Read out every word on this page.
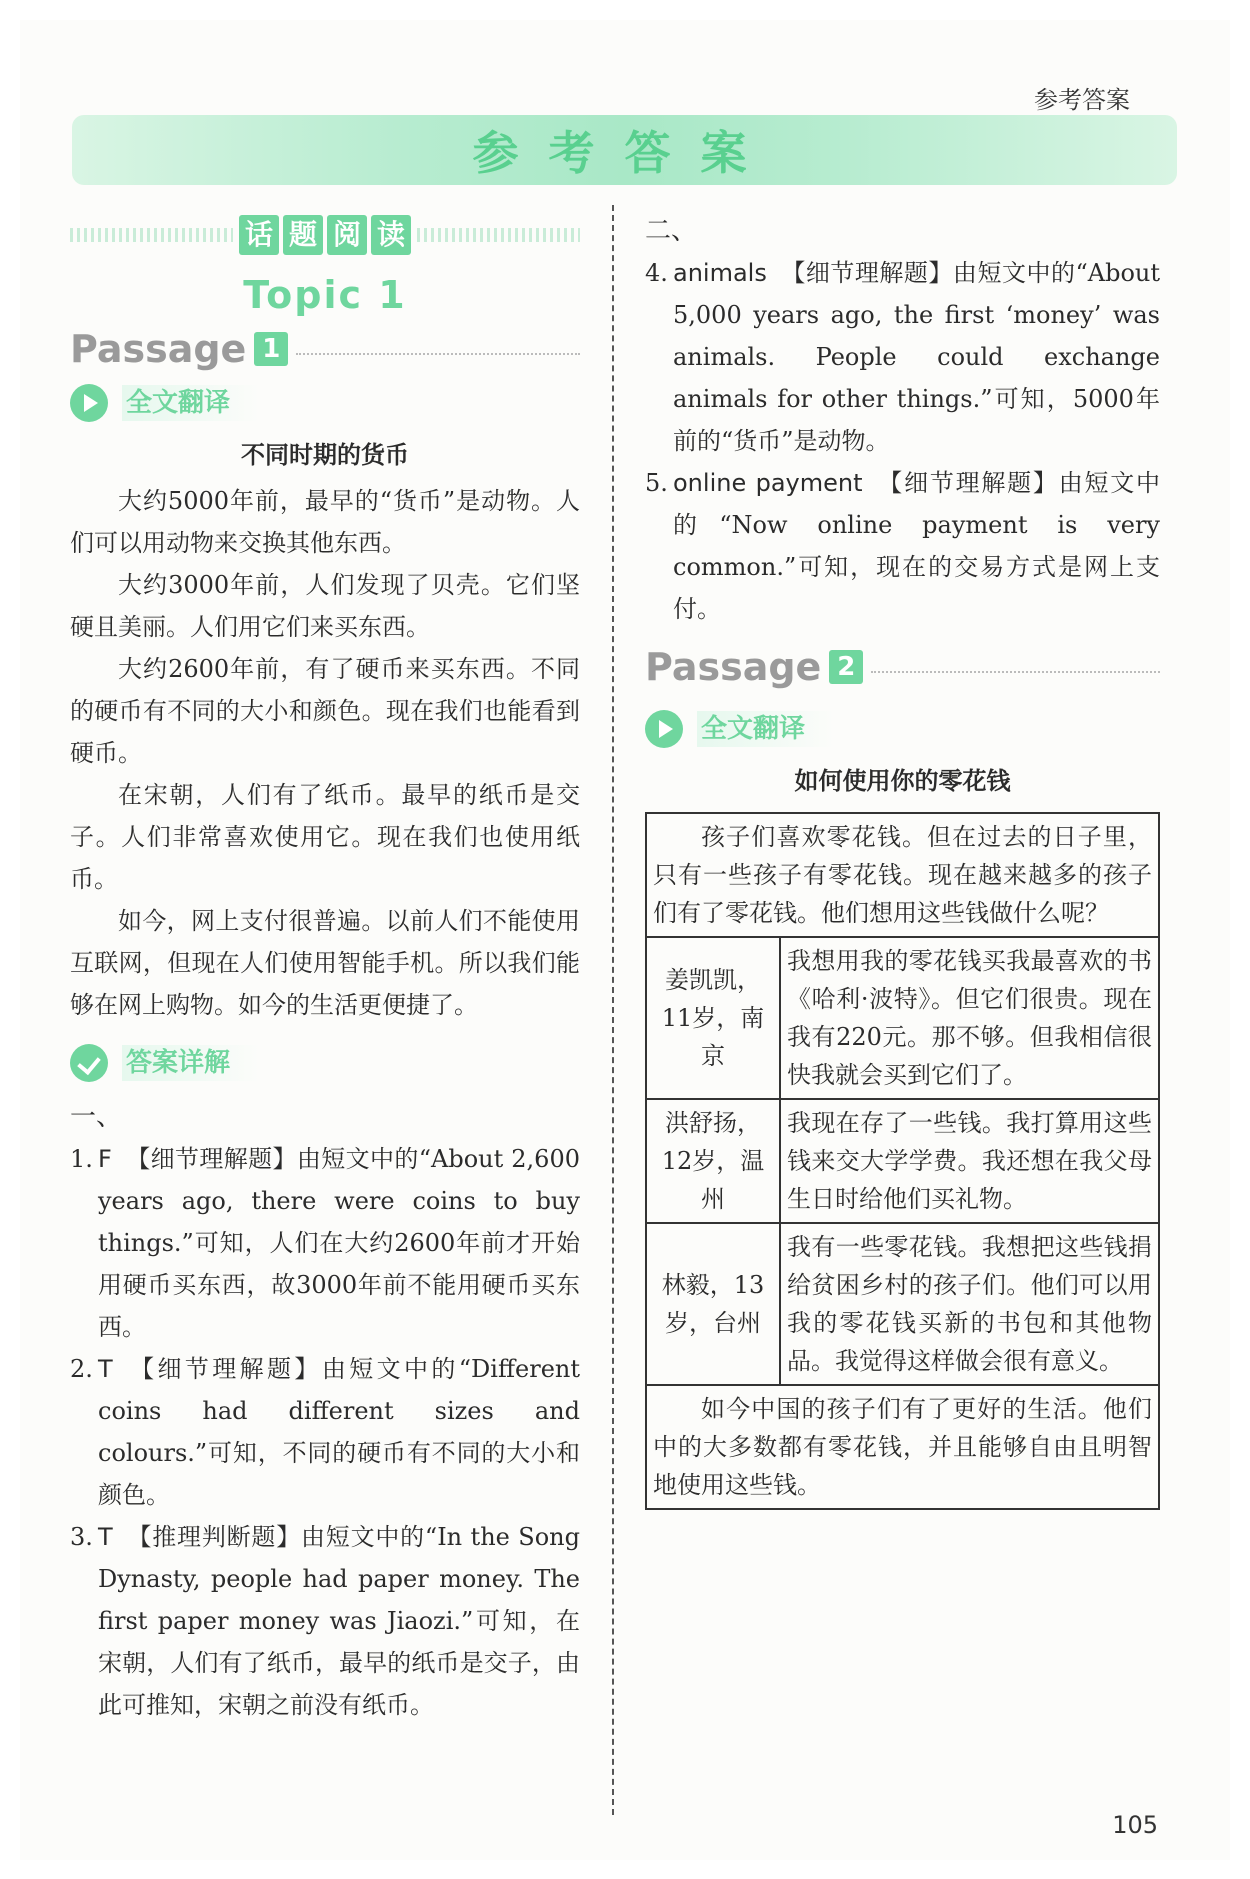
参考答案
参考答案
话 题 阅 读
Topic 1
Passage 1
全文翻译
不同时期的货币

大约5000年前，最早的“货币”是动物。人们可以用动物来交换其他东西。

大约3000年前，人们发现了贝壳。它们坚硬且美丽。人们用它们来买东西。

大约2600年前，有了硬币来买东西。不同的硬币有不同的大小和颜色。现在我们也能看到硬币。

在宋朝，人们有了纸币。最早的纸币是交子。人们非常喜欢使用它。现在我们也使用纸币。

如今，网上支付很普遍。以前人们不能使用互联网，但现在人们使用智能手机。所以我们能够在网上购物。如今的生活更便捷了。

答案详解
一、
1. F 【细节理解题】由短文中的“About 2,600 years ago, there were coins to buy things.”可知，人们在大约2600年前才开始用硬币买东西，故3000年前不能用硬币买东西。
2. T 【细节理解题】由短文中的“Different coins had different sizes and colours.”可知，不同的硬币有不同的大小和颜色。
3. T 【推理判断题】由短文中的“In the Song Dynasty, people had paper money. The first paper money was Jiaozi.”可知，在宋朝，人们有了纸币，最早的纸币是交子，由此可推知，宋朝之前没有纸币。
二、
4. animals 【细节理解题】由短文中的“About 5,000 years ago, the first ‘money’ was animals. People could exchange animals for other things.”可知，5000年前的“货币”是动物。
5. online payment 【细节理解题】由短文中的“Now online payment is very common.”可知，现在的交易方式是网上支付。
Passage 2
全文翻译
如何使用你的零花钱

孩子们喜欢零花钱。但在过去的日子里，只有一些孩子有零花钱。现在越来越多的孩子们有了零花钱。他们想用这些钱做什么呢？	

姜凯凯，11岁，南京	我想用我的零花钱买我最喜欢的书《哈利·波特》。但它们很贵。现在我有220元。那不够。但我相信很快我就会买到它们了。
洪舒扬，12岁，温州	我现在存了一些钱。我打算用这些钱来交大学学费。我还想在我父母生日时给他们买礼物。
林毅，13岁，台州	我有一些零花钱。我想把这些钱捐给贫困乡村的孩子们。他们可以用我的零花钱买新的书包和其他物品。我觉得这样做会很有意义。

如今中国的孩子们有了更好的生活。他们中的大多数都有零花钱，并且能够自由且明智地使用这些钱。	

105
